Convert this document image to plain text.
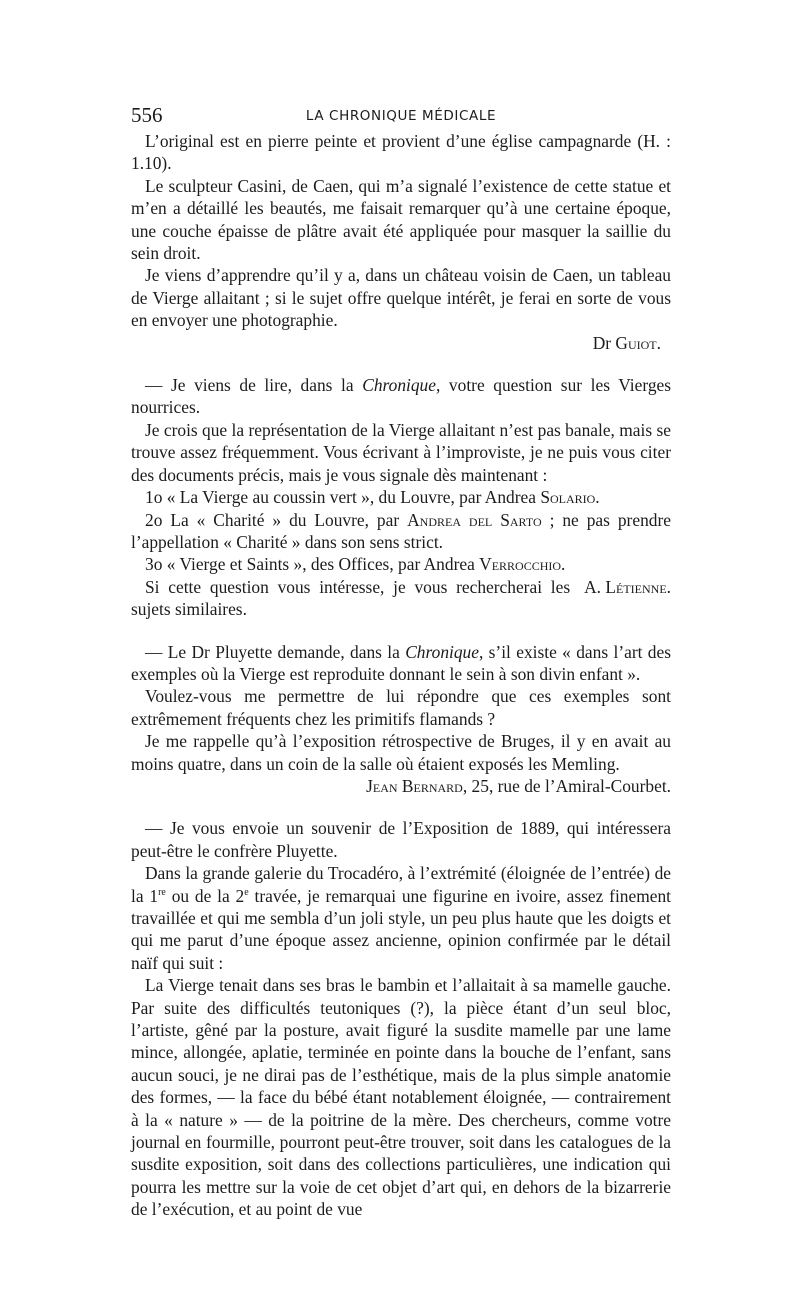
556	LA CHRONIQUE MÉDICALE

L’original est en pierre peinte et provient d’une église campagnarde (H. : 1.10).

Le sculpteur Casini, de Caen, qui m’a signalé l’existence de cette statue et m’en a détaillé les beautés, me faisait remarquer qu’à une certaine époque, une couche épaisse de plâtre avait été appliquée pour masquer la saillie du sein droit.

Je viens d’apprendre qu’il y a, dans un château voisin de Caen, un tableau de Vierge allaitant ; si le sujet offre quelque intérêt, je ferai en sorte de vous en envoyer une photographie.

Dr Guiot.

— Je viens de lire, dans la Chronique, votre question sur les Vierges nourrices.

Je crois que la représentation de la Vierge allaitant n’est pas banale, mais se trouve assez fréquemment. Vous écrivant à l’improviste, je ne puis vous citer des documents précis, mais je vous signale dès maintenant :

1o « La Vierge au coussin vert », du Louvre, par Andrea Solario.

2o La « Charité » du Louvre, par Andrea del Sarto ; ne pas prendre l’appellation « Charité » dans son sens strict.

3o « Vierge et Saints », des Offices, par Andrea Verrocchio.

A. Létienne.
Si cette question vous intéresse, je vous rechercherai les sujets similaires.

— Le Dr Pluyette demande, dans la Chronique, s’il existe « dans l’art des exemples où la Vierge est reproduite donnant le sein à son divin enfant ».

Voulez-vous me permettre de lui répondre que ces exemples sont extrêmement fréquents chez les primitifs flamands ?

Je me rappelle qu’à l’exposition rétrospective de Bruges, il y en avait au moins quatre, dans un coin de la salle où étaient exposés les Memling.

Jean Bernard, 25, rue de l’Amiral-Courbet.

— Je vous envoie un souvenir de l’Exposition de 1889, qui intéressera peut-être le confrère Pluyette.

Dans la grande galerie du Trocadéro, à l’extrémité (éloignée de l’entrée) de la 1re ou de la 2e travée, je remarquai une figurine en ivoire, assez finement travaillée et qui me sembla d’un joli style, un peu plus haute que les doigts et qui me parut d’une époque assez ancienne, opinion confirmée par le détail naïf qui suit :

La Vierge tenait dans ses bras le bambin et l’allaitait à sa mamelle gauche. Par suite des difficultés teutoniques (?), la pièce étant d’un seul bloc, l’artiste, gêné par la posture, avait figuré la susdite mamelle par une lame mince, allongée, aplatie, terminée en pointe dans la bouche de l’enfant, sans aucun souci, je ne dirai pas de l’esthétique, mais de la plus simple anatomie des formes, — la face du bébé étant notablement éloignée, — contrairement à la « nature » — de la poitrine de la mère. Des chercheurs, comme votre journal en fourmille, pourront peut-être trouver, soit dans les catalogues de la susdite exposition, soit dans des collections particulières, une indication qui pourra les mettre sur la voie de cet objet d’art qui, en dehors de la bizarrerie de l’exécution, et au point de vue
